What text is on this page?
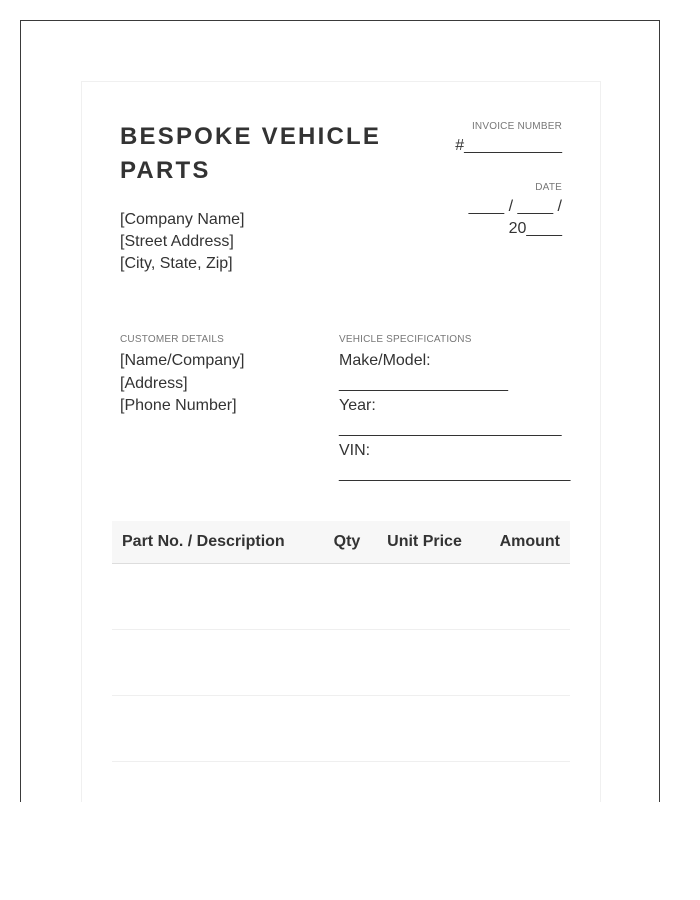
BESPOKE VEHICLE PARTS
[Company Name]
[Street Address]
[City, State, Zip]
INVOICE NUMBER
#___________
DATE
____ / ____ /
20____
CUSTOMER DETAILS
[Name/Company]
[Address]
[Phone Number]
VEHICLE SPECIFICATIONS
Make/Model:
___________________
Year:
_________________________
VIN:
__________________________
Part No. / Description	Qty	Unit Price	Amount
